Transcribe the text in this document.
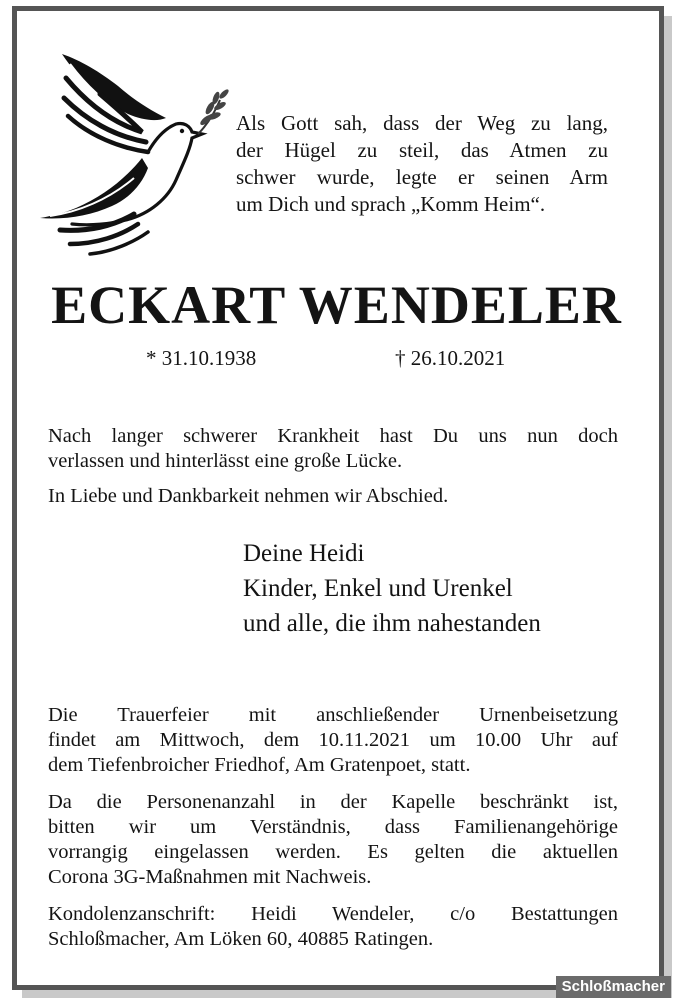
Als Gott sah, dass der Weg zu lang,
der Hügel zu steil, das Atmen zu
schwer wurde, legte er seinen Arm
um Dich und sprach „Komm Heim“.
ECKART WENDELER
* 31.10.1938	† 26.10.2021
Nach langer schwerer Krankheit hast Du uns nun doch
verlassen und hinterlässt eine große Lücke.
In Liebe und Dankbarkeit nehmen wir Abschied.
Deine Heidi
Kinder, Enkel und Urenkel
und alle, die ihm nahestanden
Die Trauerfeier mit anschließender Urnenbeisetzung
findet am Mittwoch, dem 10.11.2021 um 10.00 Uhr auf
dem Tiefenbroicher Friedhof, Am Gratenpoet, statt.
Da die Personenanzahl in der Kapelle beschränkt ist,
bitten wir um Verständnis, dass Familienangehörige
vorrangig eingelassen werden. Es gelten die aktuellen
Corona 3G-Maßnahmen mit Nachweis.
Kondolenzanschrift: Heidi Wendeler, c/o Bestattungen
Schloßmacher, Am Löken 60, 40885 Ratingen.
Schloßmacher
